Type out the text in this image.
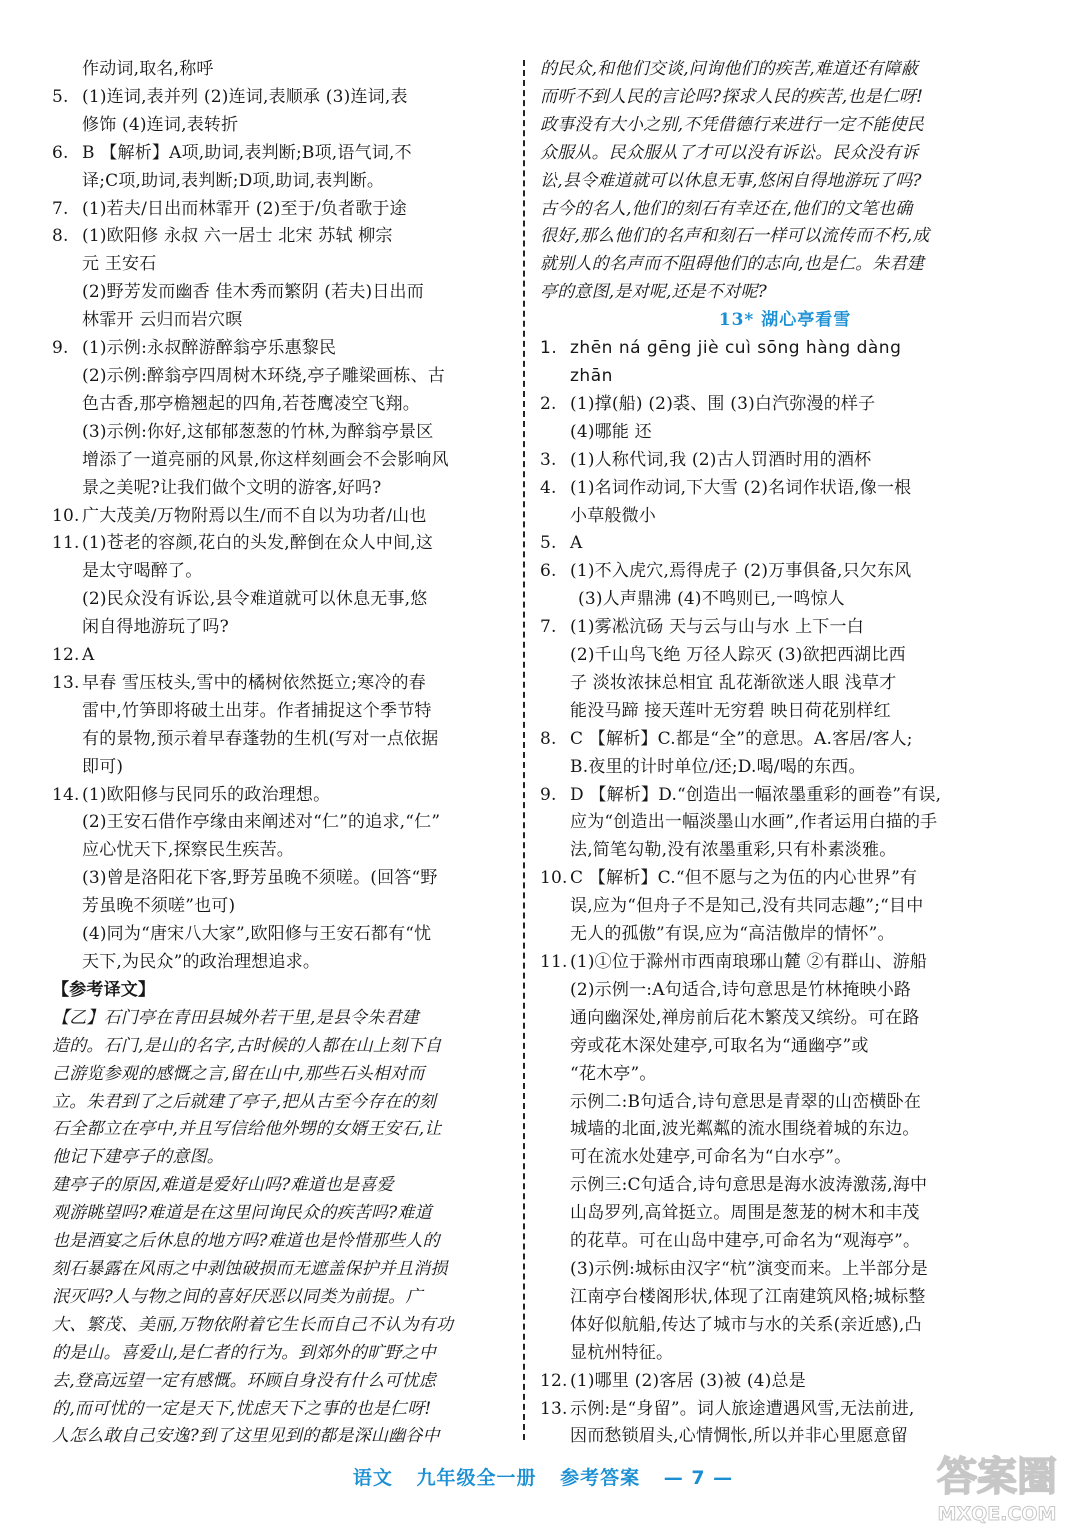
作动词,取名,称呼
5. (1)连词,表并列 (2)连词,表顺承 (3)连词,表
修饰 (4)连词,表转折
6. B 【解析】A项,助词,表判断;B项,语气词,不
译;C项,助词,表判断;D项,助词,表判断。
7. (1)若夫/日出而林霏开 (2)至于/负者歌于途
8. (1)欧阳修 永叔 六一居士 北宋 苏轼 柳宗
元 王安石
(2)野芳发而幽香 佳木秀而繁阴 (若夫)日出而
林霏开 云归而岩穴暝
9. (1)示例:永叔醉游醉翁亭乐惠黎民
(2)示例:醉翁亭四周树木环绕,亭子雕梁画栋、古
色古香,那亭檐翘起的四角,若苍鹰凌空飞翔。
(3)示例:你好,这郁郁葱葱的竹林,为醉翁亭景区
增添了一道亮丽的风景,你这样刻画会不会影响风
景之美呢?让我们做个文明的游客,好吗?
10. 广大茂美/万物附焉以生/而不自以为功者/山也
11. (1)苍老的容颜,花白的头发,醉倒在众人中间,这
是太守喝醉了。
(2)民众没有诉讼,县令难道就可以休息无事,悠
闲自得地游玩了吗?
12. A
13. 早春 雪压枝头,雪中的橘树依然挺立;寒冷的春
雷中,竹笋即将破土出芽。作者捕捉这个季节特
有的景物,预示着早春蓬勃的生机(写对一点依据
即可)
14. (1)欧阳修与民同乐的政治理想。
(2)王安石借作亭缘由来阐述对“仁”的追求,“仁”
应心忧天下,探察民生疾苦。
(3)曾是洛阳花下客,野芳虽晚不须嗟。(回答“野
芳虽晚不须嗟”也可)
(4)同为“唐宋八大家”,欧阳修与王安石都有“忧
天下,为民众”的政治理想追求。
【参考译文】
【乙】石门亭在青田县城外若干里,是县令朱君建
造的。石门,是山的名字,古时候的人都在山上刻下自
己游览参观的感慨之言,留在山中,那些石头相对而
立。朱君到了之后就建了亭子,把从古至今存在的刻
石全都立在亭中,并且写信给他外甥的女婿王安石,让
他记下建亭子的意图。
建亭子的原因,难道是爱好山吗?难道也是喜爱
观游眺望吗?难道是在这里问询民众的疾苦吗?难道
也是酒宴之后休息的地方吗?难道也是怜惜那些人的
刻石暴露在风雨之中剥蚀破损而无遮盖保护并且消损
泯灭吗?人与物之间的喜好厌恶以同类为前提。广
大、繁茂、美丽,万物依附着它生长而自己不认为有功
的是山。喜爱山,是仁者的行为。到郊外的旷野之中
去,登高远望一定有感慨。环顾自身没有什么可忧虑
的,而可忧的一定是天下,忧虑天下之事的也是仁呀!
人怎么敢自己安逸?到了这里见到的都是深山幽谷中
的民众,和他们交谈,问询他们的疾苦,难道还有障蔽
而听不到人民的言论吗?探求人民的疾苦,也是仁呀!
政事没有大小之别,不凭借德行来进行一定不能使民
众服从。民众服从了才可以没有诉讼。民众没有诉
讼,县令难道就可以休息无事,悠闲自得地游玩了吗?
古今的名人,他们的刻石有幸还在,他们的文笔也确
很好,那么他们的名声和刻石一样可以流传而不朽,成
就别人的名声而不阻碍他们的志向,也是仁。朱君建
亭的意图,是对呢,还是不对呢?
13* 湖心亭看雪
1. zhēn ná gēng jiè cuì sōng hàng dàng
zhān
2. (1)撑(船) (2)裘、围 (3)白汽弥漫的样子
(4)哪能 还
3. (1)人称代词,我 (2)古人罚酒时用的酒杯
4. (1)名词作动词,下大雪 (2)名词作状语,像一根
小草般微小
5. A
6. (1)不入虎穴,焉得虎子 (2)万事俱备,只欠东风
(3)人声鼎沸 (4)不鸣则已,一鸣惊人
7. (1)雾凇沆砀 天与云与山与水 上下一白
(2)千山鸟飞绝 万径人踪灭 (3)欲把西湖比西
子 淡妆浓抹总相宜 乱花渐欲迷人眼 浅草才
能没马蹄 接天莲叶无穷碧 映日荷花别样红
8. C 【解析】C.都是“全”的意思。A.客居/客人;
B.夜里的计时单位/还;D.喝/喝的东西。
9. D 【解析】D.“创造出一幅浓墨重彩的画卷”有误,
应为“创造出一幅淡墨山水画”,作者运用白描的手
法,简笔勾勒,没有浓墨重彩,只有朴素淡雅。
10. C 【解析】C.“但不愿与之为伍的内心世界”有
误,应为“但舟子不是知己,没有共同志趣”;“目中
无人的孤傲”有误,应为“高洁傲岸的情怀”。
11. (1)①位于滁州市西南琅琊山麓 ②有群山、游船
(2)示例一:A句适合,诗句意思是竹林掩映小路
通向幽深处,禅房前后花木繁茂又缤纷。可在路
旁或花木深处建亭,可取名为“通幽亭”或
“花木亭”。
示例二:B句适合,诗句意思是青翠的山峦横卧在
城墙的北面,波光粼粼的流水围绕着城的东边。
可在流水处建亭,可命名为“白水亭”。
示例三:C句适合,诗句意思是海水波涛激荡,海中
山岛罗列,高耸挺立。周围是葱茏的树木和丰茂
的花草。可在山岛中建亭,可命名为“观海亭”。
(3)示例:城标由汉字“杭”演变而来。上半部分是
江南亭台楼阁形状,体现了江南建筑风格;城标整
体好似航船,传达了城市与水的关系(亲近感),凸
显杭州特征。
12. (1)哪里 (2)客居 (3)被 (4)总是
13. 示例:是“身留”。词人旅途遭遇风雪,无法前进,
因而愁锁眉头,心情惆怅,所以并非心里愿意留
语文 九年级全一册 参考答案 — 7 —	答案圈
MXQE.COM
